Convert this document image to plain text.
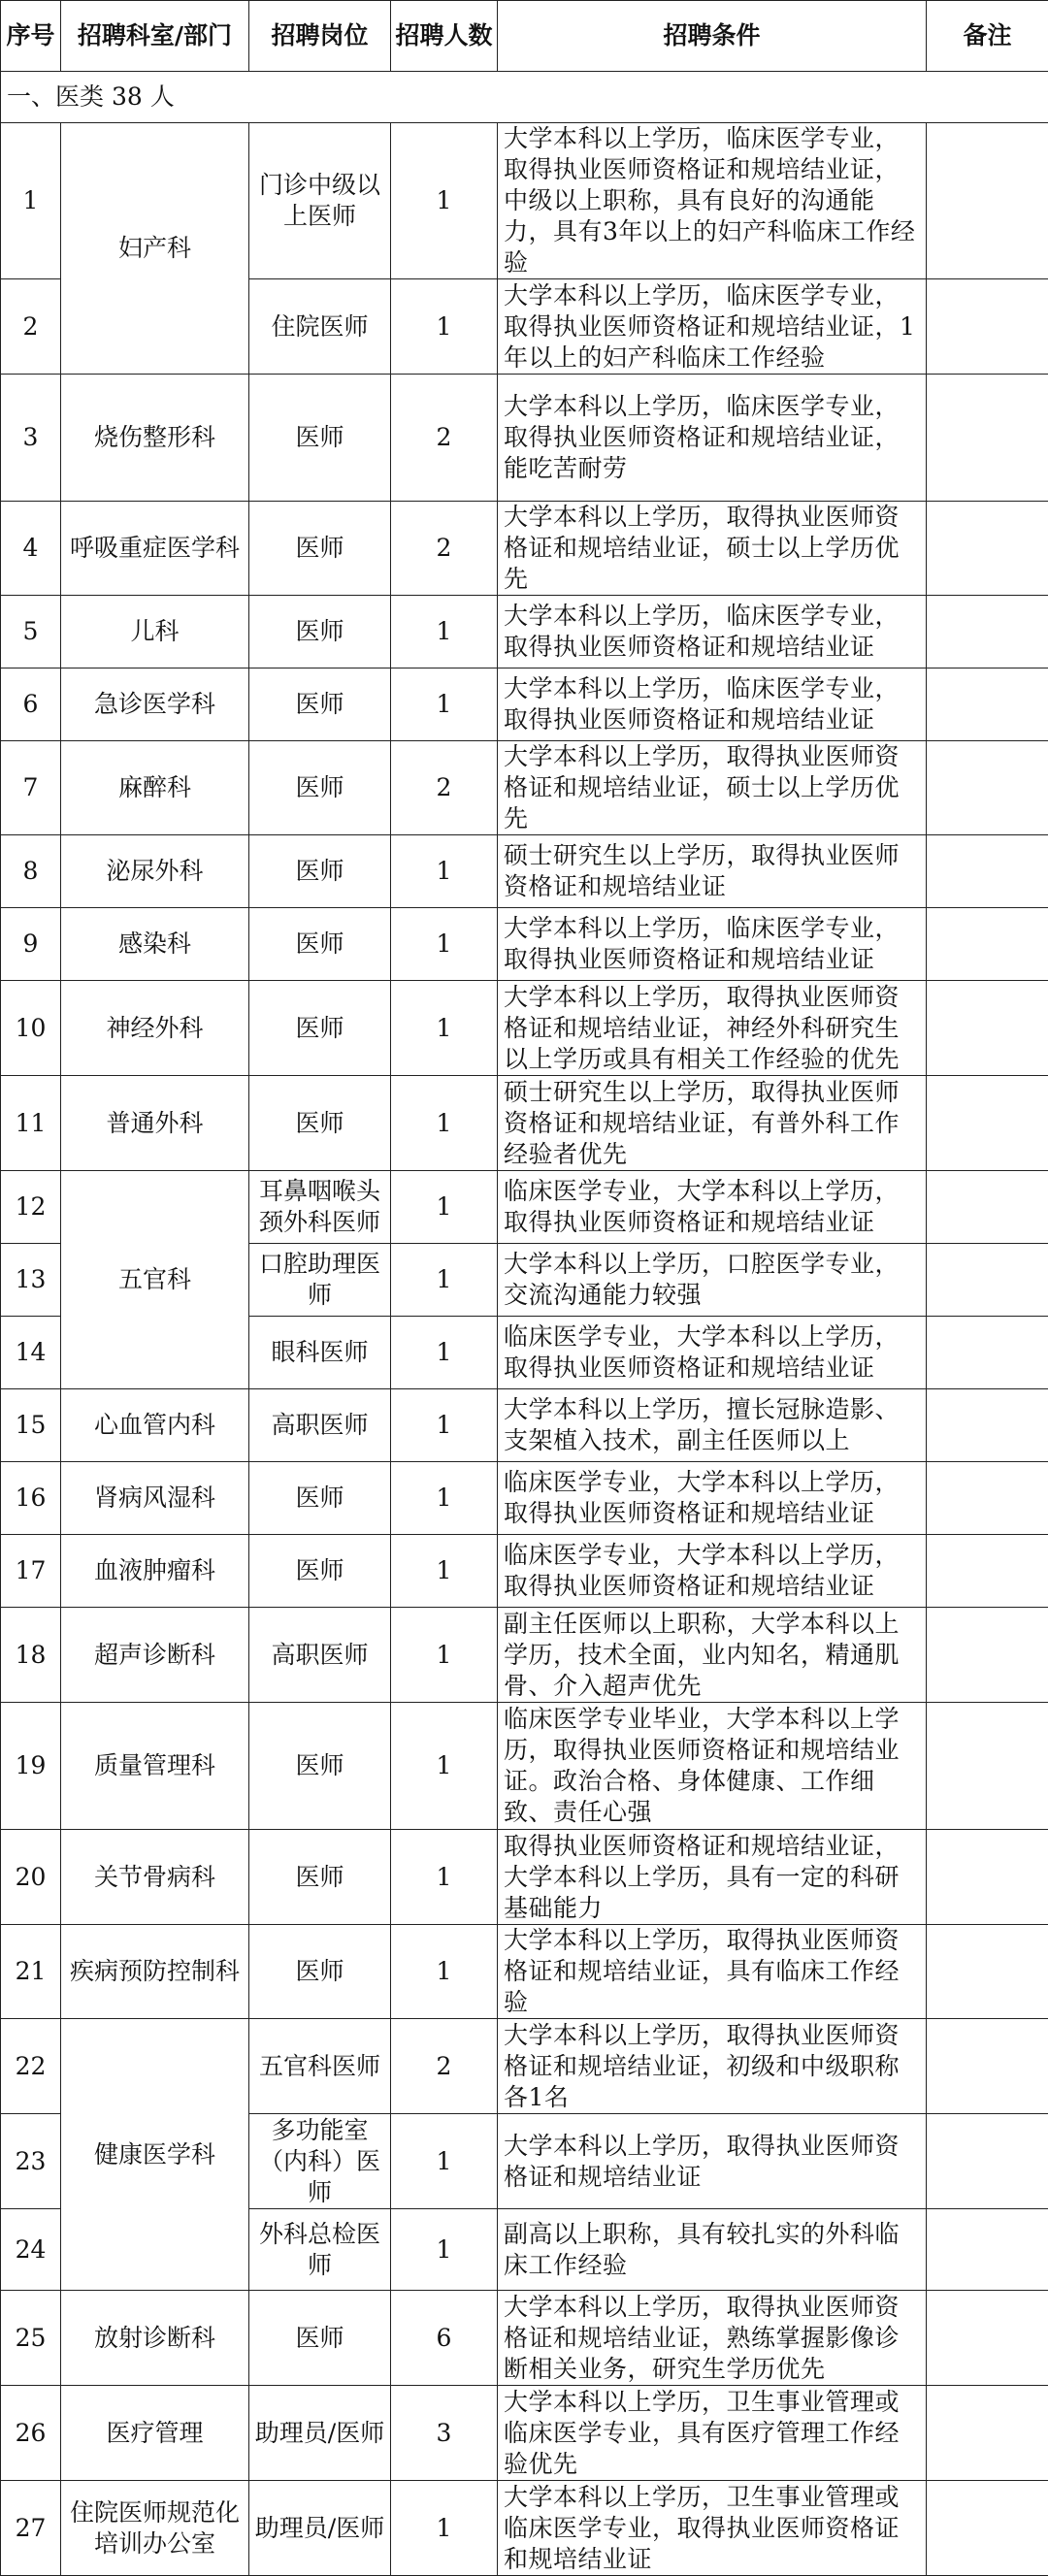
序号	招聘科室/部门	招聘岗位	招聘人数	招聘条件	备注
一、医类 38 人					
1	妇产科	门诊中级以上医师	1	大学本科以上学历，临床医学专业，取得执业医师资格证和规培结业证，中级以上职称，具有良好的沟通能力，具有3年以上的妇产科临床工作经验	
2		住院医师	1	大学本科以上学历，临床医学专业，取得执业医师资格证和规培结业证，1年以上的妇产科临床工作经验	
3	烧伤整形科	医师	2	大学本科以上学历，临床医学专业，取得执业医师资格证和规培结业证，能吃苦耐劳	
4	呼吸重症医学科	医师	2	大学本科以上学历，取得执业医师资格证和规培结业证，硕士以上学历优先	
5	儿科	医师	1	大学本科以上学历，临床医学专业，取得执业医师资格证和规培结业证	
6	急诊医学科	医师	1	大学本科以上学历，临床医学专业，取得执业医师资格证和规培结业证	
7	麻醉科	医师	2	大学本科以上学历，取得执业医师资格证和规培结业证，硕士以上学历优先	
8	泌尿外科	医师	1	硕士研究生以上学历，取得执业医师资格证和规培结业证	
9	感染科	医师	1	大学本科以上学历，临床医学专业，取得执业医师资格证和规培结业证	
10	神经外科	医师	1	大学本科以上学历，取得执业医师资格证和规培结业证，神经外科研究生以上学历或具有相关工作经验的优先	
11	普通外科	医师	1	硕士研究生以上学历，取得执业医师资格证和规培结业证，有普外科工作经验者优先	
12	五官科	耳鼻咽喉头颈外科医师	1	临床医学专业，大学本科以上学历，取得执业医师资格证和规培结业证	
13		口腔助理医师	1	大学本科以上学历，口腔医学专业，交流沟通能力较强	
14		眼科医师	1	临床医学专业，大学本科以上学历，取得执业医师资格证和规培结业证	
15	心血管内科	高职医师	1	大学本科以上学历，擅长冠脉造影、支架植入技术，副主任医师以上	
16	肾病风湿科	医师	1	临床医学专业，大学本科以上学历，取得执业医师资格证和规培结业证	
17	血液肿瘤科	医师	1	临床医学专业，大学本科以上学历，取得执业医师资格证和规培结业证	
18	超声诊断科	高职医师	1	副主任医师以上职称，大学本科以上学历，技术全面，业内知名，精通肌骨、介入超声优先	
19	质量管理科	医师	1	临床医学专业毕业，大学本科以上学历，取得执业医师资格证和规培结业证。政治合格、身体健康、工作细致、责任心强	
20	关节骨病科	医师	1	取得执业医师资格证和规培结业证，大学本科以上学历，具有一定的科研基础能力	
21	疾病预防控制科	医师	1	大学本科以上学历，取得执业医师资格证和规培结业证，具有临床工作经验	
22	健康医学科	五官科医师	2	大学本科以上学历，取得执业医师资格证和规培结业证，初级和中级职称各1名	
23		多功能室（内科）医师	1	大学本科以上学历，取得执业医师资格证和规培结业证	
24		外科总检医师	1	副高以上职称，具有较扎实的外科临床工作经验	
25	放射诊断科	医师	6	大学本科以上学历，取得执业医师资格证和规培结业证，熟练掌握影像诊断相关业务，研究生学历优先	
26	医疗管理	助理员/医师	3	大学本科以上学历，卫生事业管理或临床医学专业，具有医疗管理工作经验优先	
27	住院医师规范化培训办公室	助理员/医师	1	大学本科以上学历，卫生事业管理或临床医学专业，取得执业医师资格证和规培结业证	
